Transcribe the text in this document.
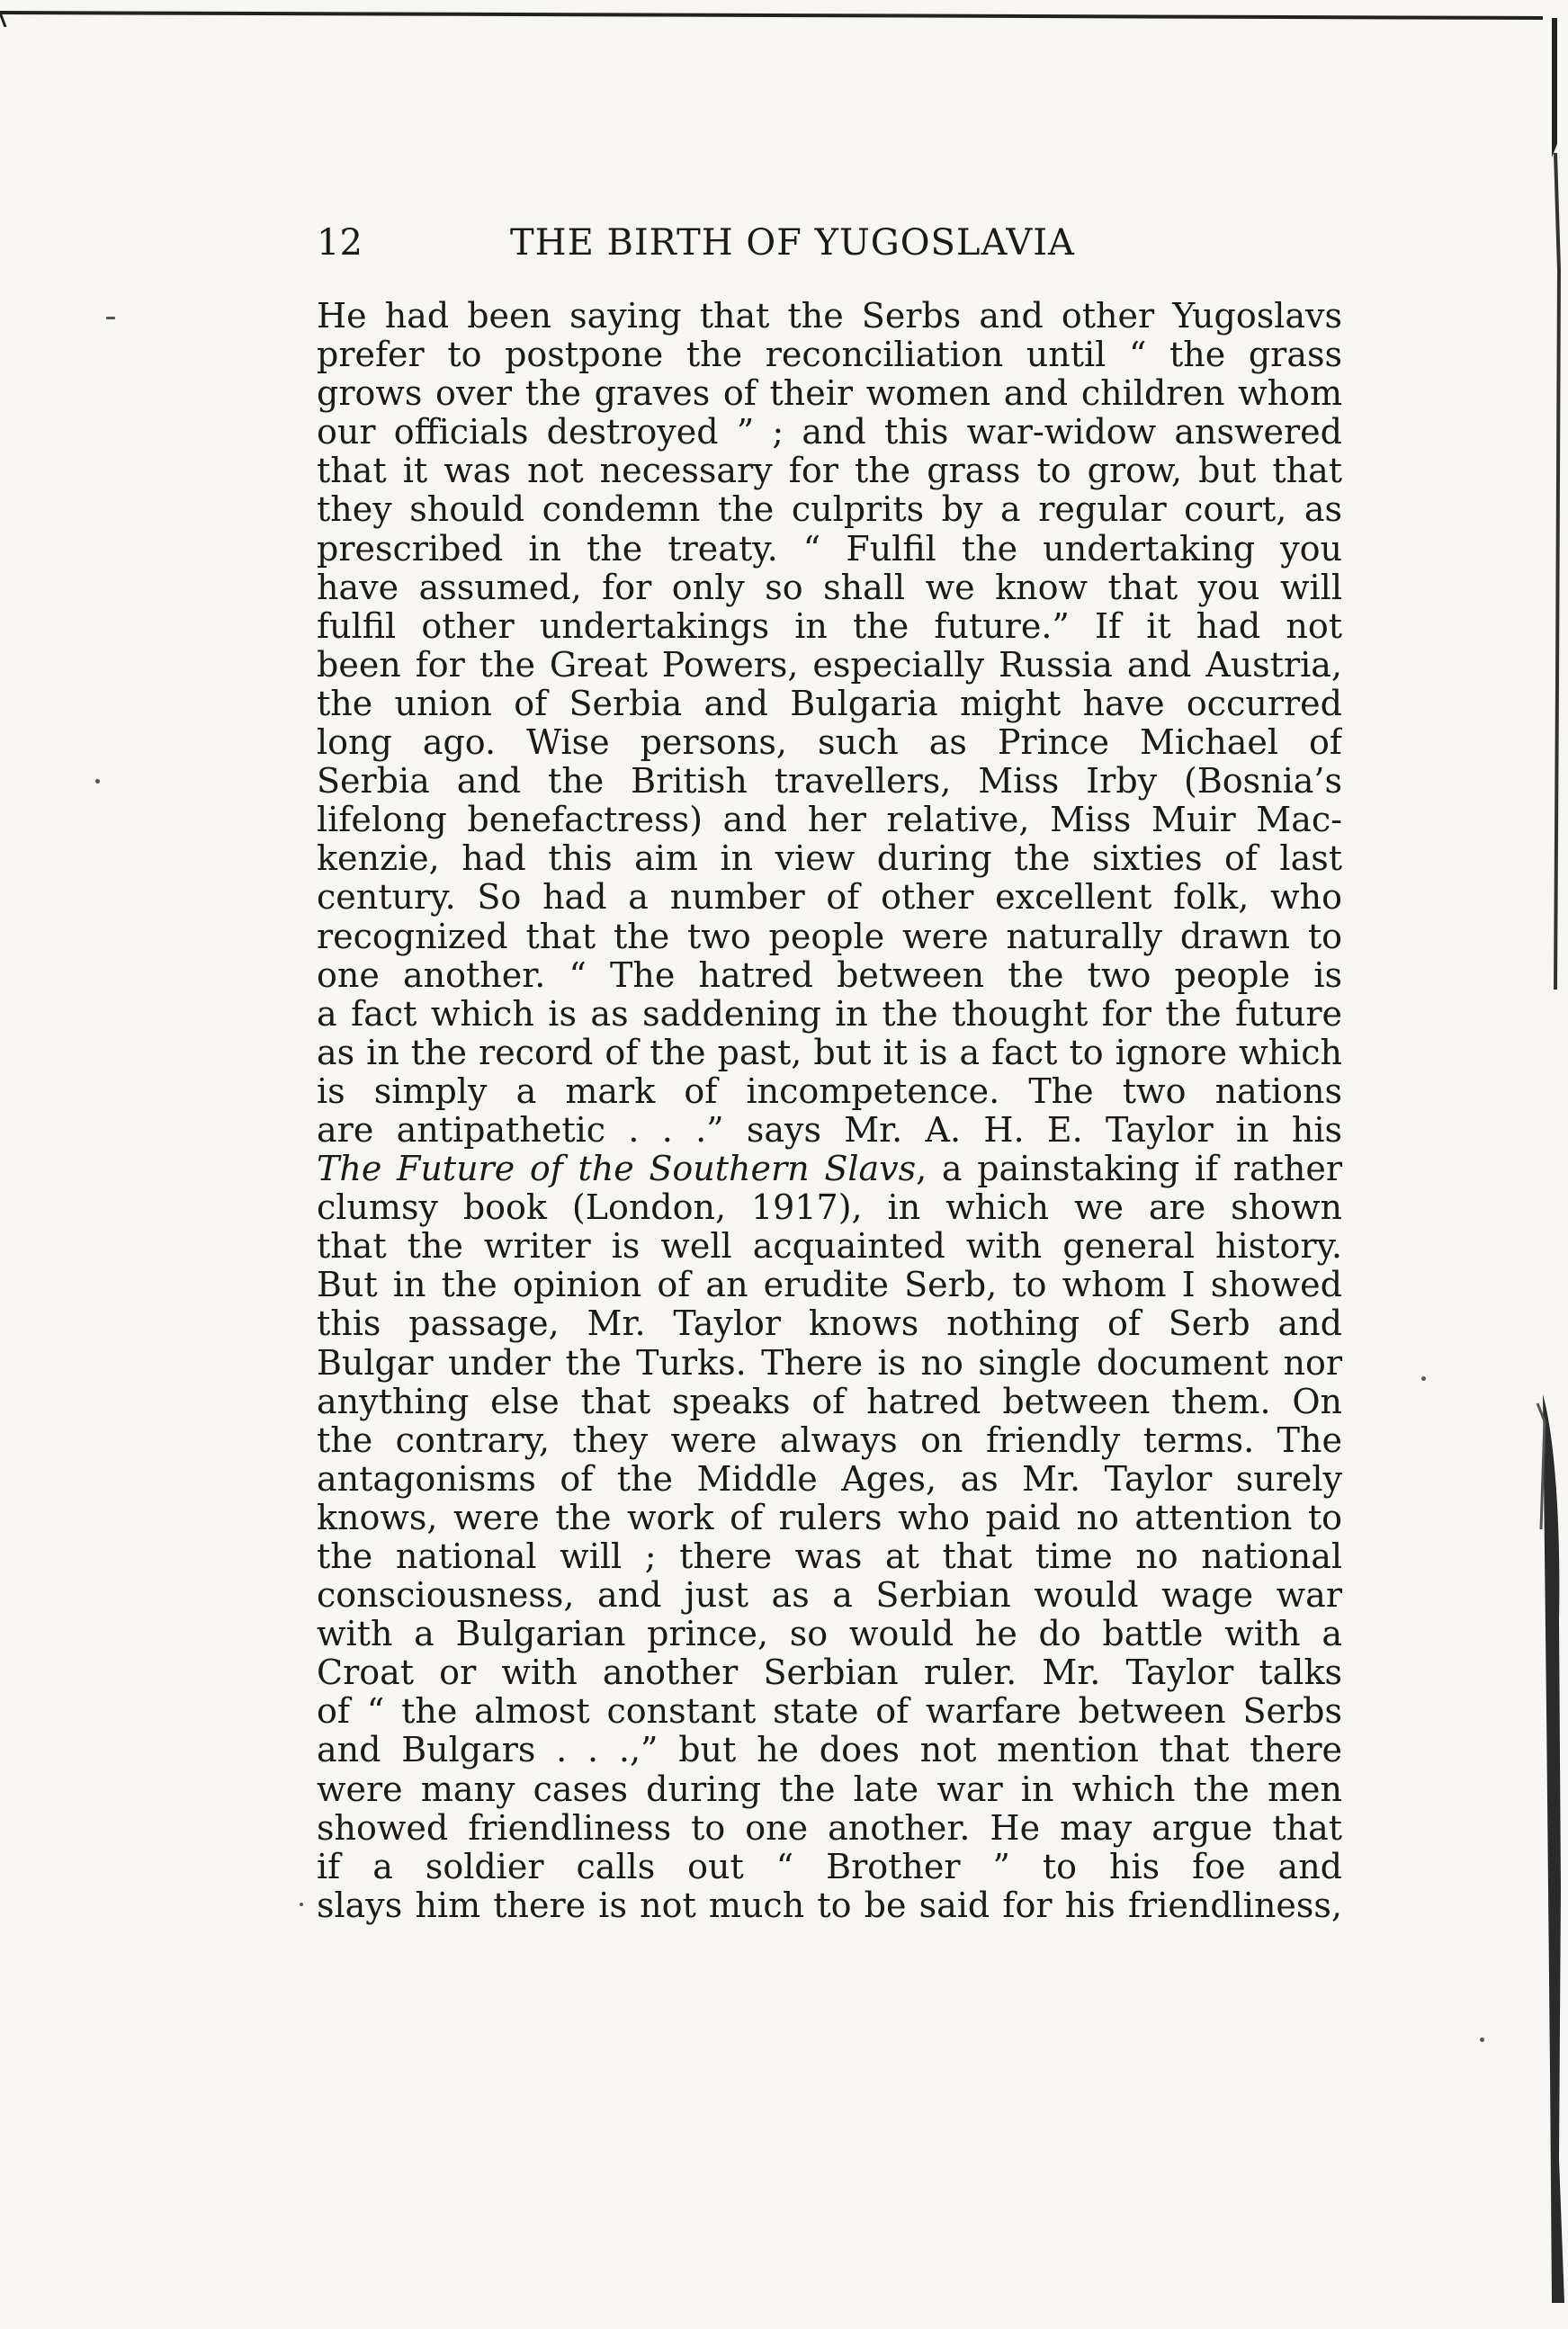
12	THE BIRTH OF YUGOSLAVIA
He had been saying that the Serbs and other Yugoslavs
prefer to postpone the reconciliation until “ the grass
grows over the graves of their women and children whom
our officials destroyed ” ; and this war-widow answered
that it was not necessary for the grass to grow, but that
they should condemn the culprits by a regular court, as
prescribed in the treaty. “ Fulfil the undertaking you
have assumed, for only so shall we know that you will
fulfil other undertakings in the future.” If it had not
been for the Great Powers, especially Russia and Austria,
the union of Serbia and Bulgaria might have occurred
long ago. Wise persons, such as Prince Michael of
Serbia and the British travellers, Miss Irby (Bosnia’s
lifelong benefactress) and her relative, Miss Muir Mac-
kenzie, had this aim in view during the sixties of last
century. So had a number of other excellent folk, who
recognized that the two people were naturally drawn to
one another. “ The hatred between the two people is
a fact which is as saddening in the thought for the future
as in the record of the past, but it is a fact to ignore which
is simply a mark of incompetence. The two nations
are antipathetic . . .” says Mr. A. H. E. Taylor in his
The Future of the Southern Slavs, a painstaking if rather
clumsy book (London, 1917), in which we are shown
that the writer is well acquainted with general history.
But in the opinion of an erudite Serb, to whom I showed
this passage, Mr. Taylor knows nothing of Serb and
Bulgar under the Turks. There is no single document nor
anything else that speaks of hatred between them. On
the contrary, they were always on friendly terms. The
antagonisms of the Middle Ages, as Mr. Taylor surely
knows, were the work of rulers who paid no attention to
the national will ; there was at that time no national
consciousness, and just as a Serbian would wage war
with a Bulgarian prince, so would he do battle with a
Croat or with another Serbian ruler. Mr. Taylor talks
of “ the almost constant state of warfare between Serbs
and Bulgars . . .,” but he does not mention that there
were many cases during the late war in which the men
showed friendliness to one another. He may argue that
if a soldier calls out “ Brother ” to his foe and
slays him there is not much to be said for his friendliness,
